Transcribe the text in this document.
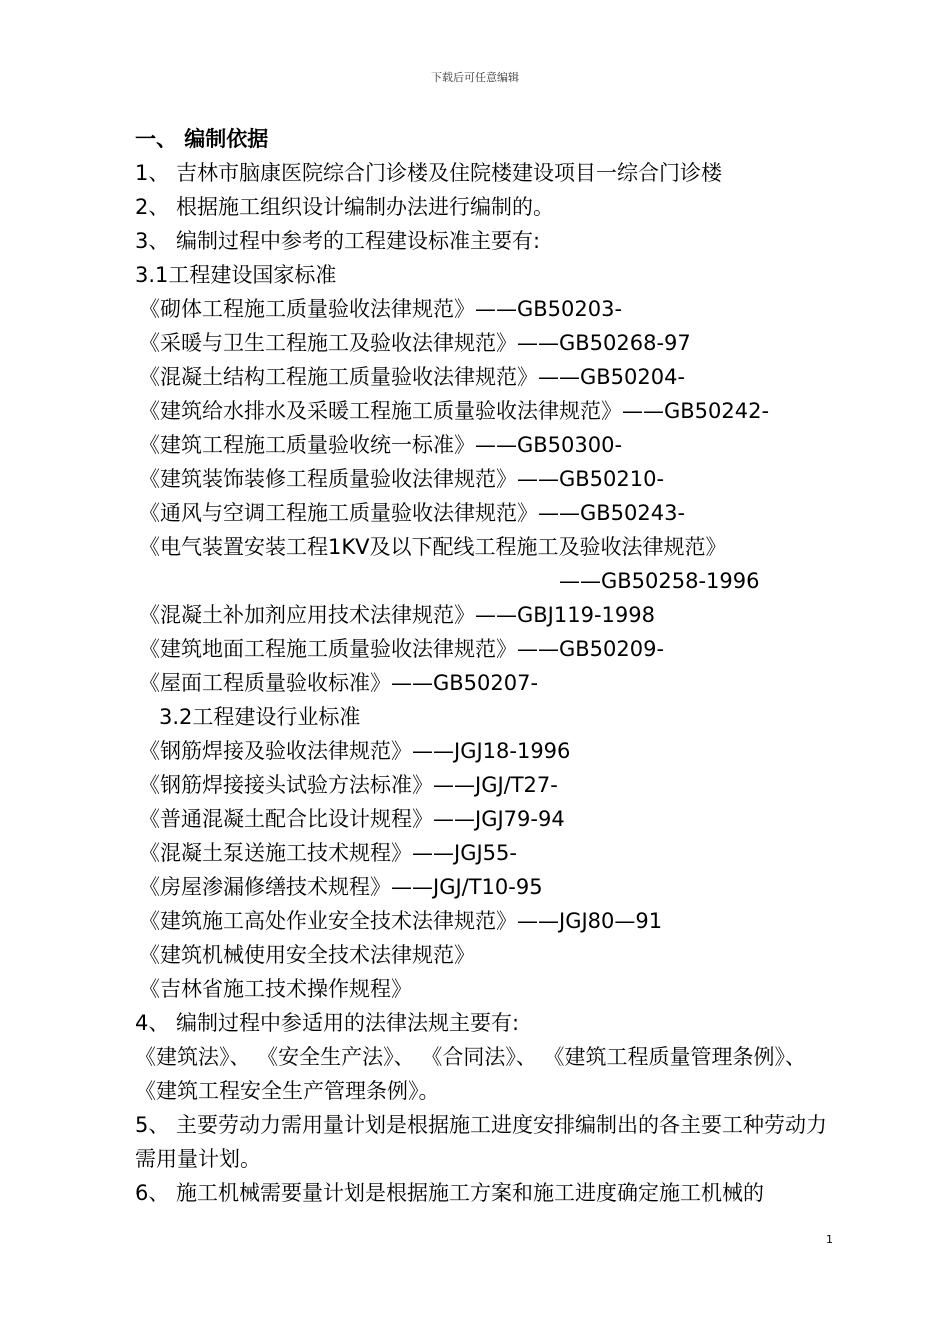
下载后可任意编辑
一、 编制依据
1、 吉林市脑康医院综合门诊楼及住院楼建设项目一综合门诊楼
2、 根据施工组织设计编制办法进行编制的。
3、 编制过程中参考的工程建设标准主要有:
3.1工程建设国家标准
《砌体工程施工质量验收法律规范》——GB50203-
《采暖与卫生工程施工及验收法律规范》——GB50268-97
《混凝土结构工程施工质量验收法律规范》——GB50204-
《建筑给水排水及采暖工程施工质量验收法律规范》——GB50242-
《建筑工程施工质量验收统一标准》——GB50300-
《建筑装饰装修工程质量验收法律规范》——GB50210-
《通风与空调工程施工质量验收法律规范》——GB50243-
《电气装置安装工程1KV及以下配线工程施工及验收法律规范》
——GB50258-1996
《混凝土补加剂应用技术法律规范》——GBJ119-1998
《建筑地面工程施工质量验收法律规范》——GB50209-
《屋面工程质量验收标准》——GB50207-
3.2工程建设行业标准
《钢筋焊接及验收法律规范》——JGJ18-1996
《钢筋焊接接头试验方法标准》——JGJ/T27-
《普通混凝土配合比设计规程》——JGJ79-94
《混凝土泵送施工技术规程》——JGJ55-
《房屋渗漏修缮技术规程》——JGJ/T10-95
《建筑施工高处作业安全技术法律规范》——JGJ80—91
《建筑机械使用安全技术法律规范》
《吉林省施工技术操作规程》
4、 编制过程中参适用的法律法规主要有:
《建筑法》、 《安全生产法》、 《合同法》、 《建筑工程质量管理条例》、 《建筑工程安全生产管理条例》。
5、 主要劳动力需用量计划是根据施工进度安排编制出的各主要工种劳动力需用量计划。
6、 施工机械需要量计划是根据施工方案和施工进度确定施工机械的
1
